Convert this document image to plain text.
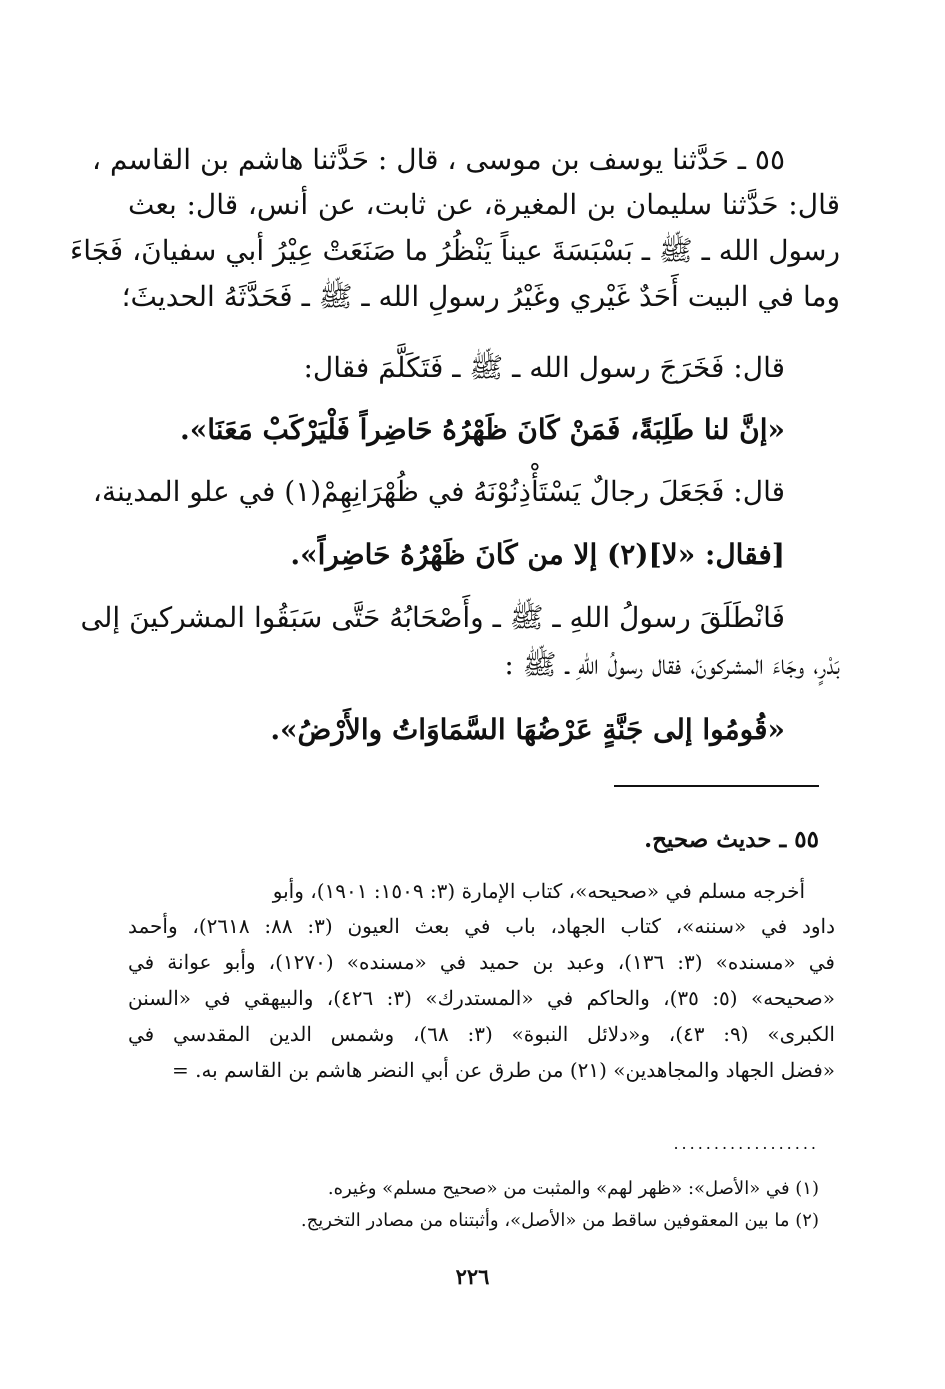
٥٥ ـ حَدَّثنا يوسف بن موسى ، قال : حَدَّثنا هاشم بن القاسم ،
قال: حَدَّثنا سليمان بن المغيرة، عن ثابت، عن أنس، قال: بعث
رسول الله ـ ﷺ ـ بَسْبَسَةَ عيناً يَنْظُرُ ما صَنَعَتْ عِيْرُ أبي سفيانَ، فَجَاءَ
وما في البيت أَحَدٌ غَيْري وغَيْرُ رسولِ الله ـ ﷺ ـ فَحَدَّثَهُ الحديثَ؛
قال: فَخَرَجَ رسول الله ـ ﷺ ـ فَتَكَلَّمَ فقال:
«إنَّ لنا طَلِبَةً، فَمَنْ كَانَ ظَهْرُهُ حَاضِراً فَلْيَرْكَبْ مَعَنَا».
قال: فَجَعَلَ رجالٌ يَسْتَأْذِنُوْنَهُ في ظُهْرَانِهِمْ(١) في علو المدينة،
[فقال: «لا](٢) إلا من كَانَ ظَهْرُهُ حَاضِراً».
فَانْطَلَقَ رسولُ اللهِ ـ ﷺ ـ وأَصْحَابُهُ حَتَّى سَبَقُوا المشركينَ إلى
بَدْرٍ، وجَاءَ المشركونَ، فقال رسولُ اللهِ ـ ﷺ :
«قُومُوا إلى جَنَّةٍ عَرْضُهَا السَّمَاوَاتُ والأَرْضُ».
٥٥ ـ حديث صحيح.
أخرجه مسلم في «صحيحه»، كتاب الإمارة (٣: ١٥٠٩: ١٩٠١)، وأبو
داود في «سننه»، كتاب الجهاد، باب في بعث العيون (٣: ٨٨: ٢٦١٨)، وأحمد
في «مسنده» (٣: ١٣٦)، وعبد بن حميد في «مسنده» (١٢٧٠)، وأبو عوانة في
«صحيحه» (٥: ٣٥)، والحاكم في «المستدرك» (٣: ٤٢٦)، والبيهقي في «السنن
الكبرى» (٩: ٤٣)، و«دلائل النبوة» (٣: ٦٨)، وشمس الدين المقدسي في
«فضل الجهاد والمجاهدين» (٢١) من طرق عن أبي النضر هاشم بن القاسم به. =
..................
(١) في «الأصل»: «ظهر لهم» والمثبت من «صحيح مسلم» وغيره.
(٢) ما بين المعقوفين ساقط من «الأصل»، وأثبتناه من مصادر التخريج.
٢٢٦
